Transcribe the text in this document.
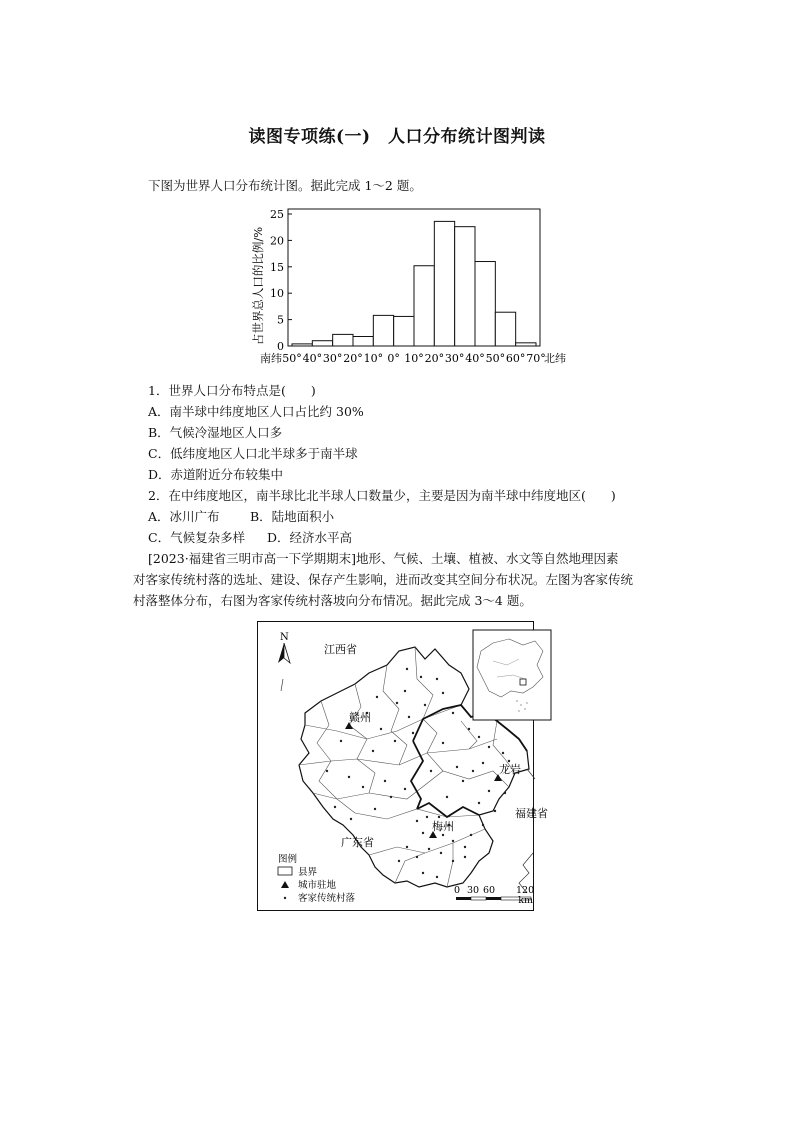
读图专项练(一)　人口分布统计图判读
下图为世界人口分布统计图。据此完成 1～2 题。
占世界总人口的比例/%
0
5
10
15
20
25
50° 40° 30° 20° 10° 0° 10° 20° 30° 40° 50° 60° 70°
南纬	北纬
1．世界人口分布特点是(　　)
A．南半球中纬度地区人口占比约 30%
B．气候冷湿地区人口多
C．低纬度地区人口北半球多于南半球
D．赤道附近分布较集中
2．在中纬度地区，南半球比北半球人口数量少，主要是因为南半球中纬度地区(　　)
A．冰川广布 B．陆地面积小
C．气候复杂多样 D．经济水平高
[2023·福建省三明市高一下学期期末]地形、气候、土壤、植被、水文等自然地理因素
对客家传统村落的选址、建设、保存产生影响，进而改变其空间分布状况。左图为客家传统
村落整体分布，右图为客家传统村落坡向分布情况。据此完成 3～4 题。
N
赣州
龙岩
梅州
江西省
福建省
广东省
图例
县界
城市驻地
客家传统村落
0 30 60 120
km
